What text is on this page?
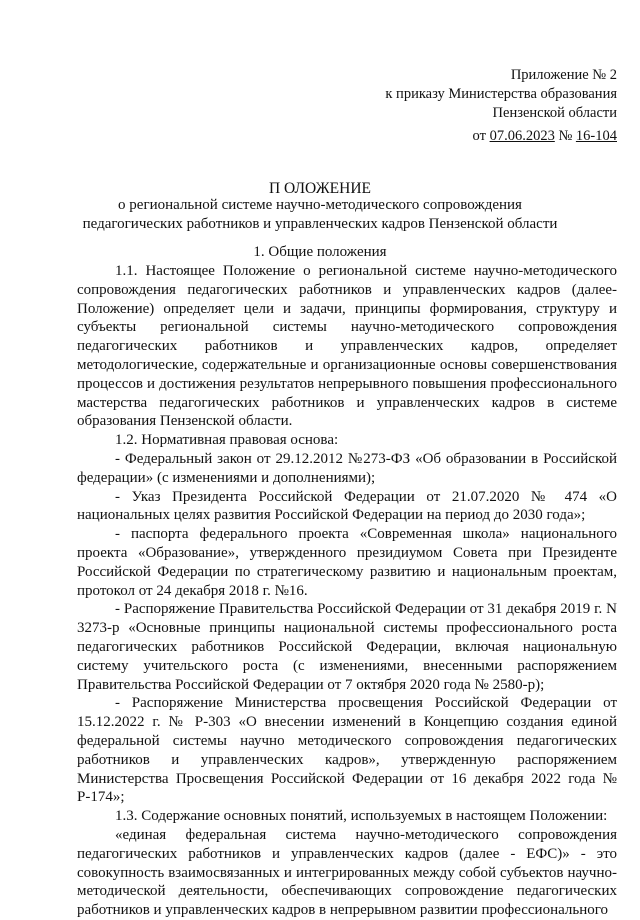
Приложение № 2
к приказу Министерства образования
Пензенской области
от 07.06.2023 № 16-104
П ОЛОЖЕНИЕ
о региональной системе научно-методического сопровождения
педагогических работников и управленческих кадров Пензенской области
1. Общие положения

1.1. Настоящее Положение о региональной системе научно-методического сопровождения педагогических работников и управленческих кадров (далее- Положение) определяет цели и задачи, принципы формирования, структуру и субъекты региональной системы научно-методического сопровождения педагогических работников и управленческих кадров, определяет методологические, содержательные и организационные основы совершенствования процессов и достижения результатов непрерывного повышения профессионального мастерства педагогических работников и управленческих кадров в системе образования Пензенской области.

1.2. Нормативная правовая основа:

- Федеральный закон от 29.12.2012 №273-ФЗ «Об образовании в Российской федерации» (с изменениями и дополнениями);

- Указ Президента Российской Федерации от 21.07.2020 № 474 «О национальных целях развития Российской Федерации на период до 2030 года»;

- паспорта федерального проекта «Современная школа» национального проекта «Образование», утвержденного президиумом Совета при Президенте Российской Федерации по стратегическому развитию и национальным проектам, протокол от 24 декабря 2018 г. №16.

- Распоряжение Правительства Российской Федерации от 31 декабря 2019 г. N 3273-р «Основные принципы национальной системы профессионального роста педагогических работников Российской Федерации, включая национальную систему учительского роста (с изменениями, внесенными распоряжением Правительства Российской Федерации от 7 октября 2020 года № 2580-р);

- Распоряжение Министерства просвещения Российской Федерации от 15.12.2022 г. № Р-303 «О внесении изменений в Концепцию создания единой федеральной системы научно методического сопровождения педагогических работников и управленческих кадров», утвержденную распоряжением Министерства Просвещения Российской Федерации от 16 декабря 2022 года № Р-174»;

1.3. Содержание основных понятий, используемых в настоящем Положении:

«единая федеральная система научно-методического сопровождения педагогических работников и управленческих кадров (далее - ЕФС)» - это совокупность взаимосвязанных и интегрированных между собой субъектов научно-методической деятельности, обеспечивающих сопровождение педагогических работников и управленческих кадров в непрерывном развитии профессионального
